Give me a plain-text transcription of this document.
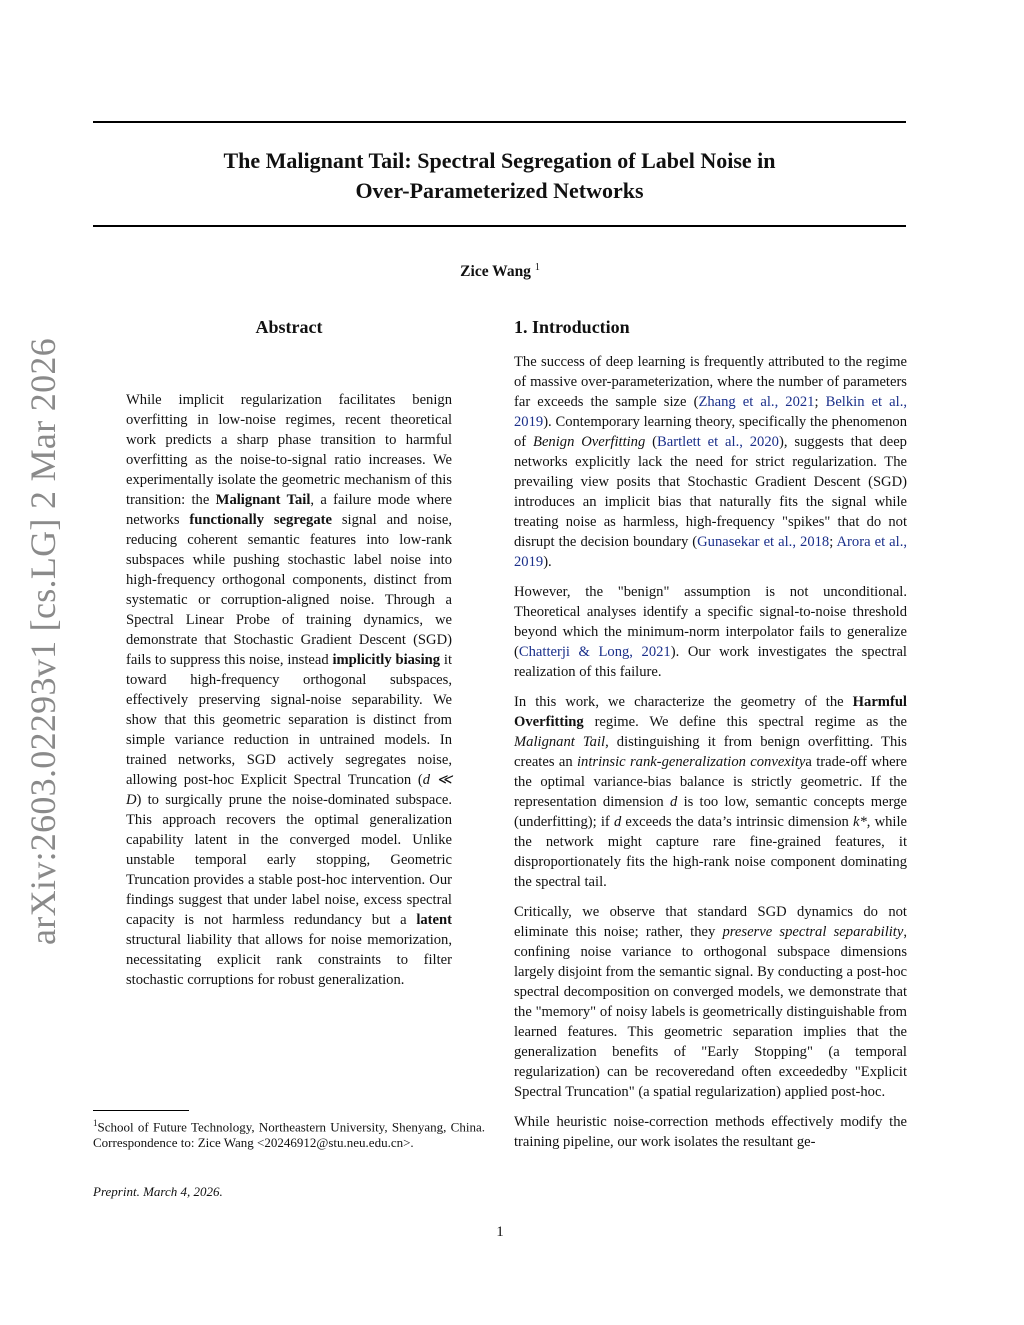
The Malignant Tail: Spectral Segregation of Label Noise in
Over-Parameterized Networks
Zice Wang $^1$
arXiv:2603.02293v1 [cs.LG] 2 Mar 2026
Abstract

While implicit regularization facilitates benign overfitting in low-noise regimes, recent theoretical work predicts a sharp phase transition to harmful overfitting as the noise-to-signal ratio increases. We experimentally isolate the geometric mechanism of this transition: the Malignant Tail, a failure mode where networks functionally segregate signal and noise, reducing coherent semantic features into low-rank subspaces while pushing stochastic label noise into high-frequency orthogonal components, distinct from systematic or corruption-aligned noise. Through a Spectral Linear Probe of training dynamics, we demonstrate that Stochastic Gradient Descent (SGD) fails to suppress this noise, instead implicitly biasing it toward high-frequency orthogonal subspaces, effectively preserving signal-noise separability. We show that this geometric separation is distinct from simple variance reduction in untrained models. In trained networks, SGD actively segregates noise, allowing post-hoc Explicit Spectral Truncation (d ≪ D) to surgically prune the noise-dominated subspace. This approach recovers the optimal generalization capability latent in the converged model. Unlike unstable temporal early stopping, Geometric Truncation provides a stable post-hoc intervention. Our findings suggest that under label noise, excess spectral capacity is not harmless redundancy but a latent structural liability that allows for noise memorization, necessitating explicit rank constraints to filter stochastic corruptions for robust generalization.

$^1$School of Future Technology, Northeastern University, Shenyang, China. Correspondence to: Zice Wang <20246912@stu.neu.edu.cn>.

Preprint. March 4, 2026.
1. Introduction

The success of deep learning is frequently attributed to the regime of massive over-parameterization, where the number of parameters far exceeds the sample size (Zhang et al., 2021; Belkin et al., 2019). Contemporary learning theory, specifically the phenomenon of Benign Overfitting (Bartlett et al., 2020), suggests that deep networks explicitly lack the need for strict regularization. The prevailing view posits that Stochastic Gradient Descent (SGD) introduces an implicit bias that naturally fits the signal while treating noise as harmless, high-frequency "spikes" that do not disrupt the decision boundary (Gunasekar et al., 2018; Arora et al., 2019).

However, the "benign" assumption is not unconditional. Theoretical analyses identify a specific signal-to-noise threshold beyond which the minimum-norm interpolator fails to generalize (Chatterji & Long, 2021). Our work investigates the spectral realization of this failure.

In this work, we characterize the geometry of the Harmful Overfitting regime. We define this spectral regime as the Malignant Tail, distinguishing it from benign overfitting. This creates an intrinsic rank-generalization convexitya trade-off where the optimal variance-bias balance is strictly geometric. If the representation dimension d is too low, semantic concepts merge (underfitting); if d exceeds the data’s intrinsic dimension k*, while the network might capture rare fine-grained features, it disproportionately fits the high-rank noise component dominating the spectral tail.

Critically, we observe that standard SGD dynamics do not eliminate this noise; rather, they preserve spectral separability, confining noise variance to orthogonal subspace dimensions largely disjoint from the semantic signal. By conducting a post-hoc spectral decomposition on converged models, we demonstrate that the "memory" of noisy labels is geometrically distinguishable from learned features. This geometric separation implies that the generalization benefits of "Early Stopping" (a temporal regularization) can be recoveredand often exceededby "Explicit Spectral Truncation" (a spatial regularization) applied post-hoc.

While heuristic noise-correction methods effectively modify the training pipeline, our work isolates the resultant ge-

1
